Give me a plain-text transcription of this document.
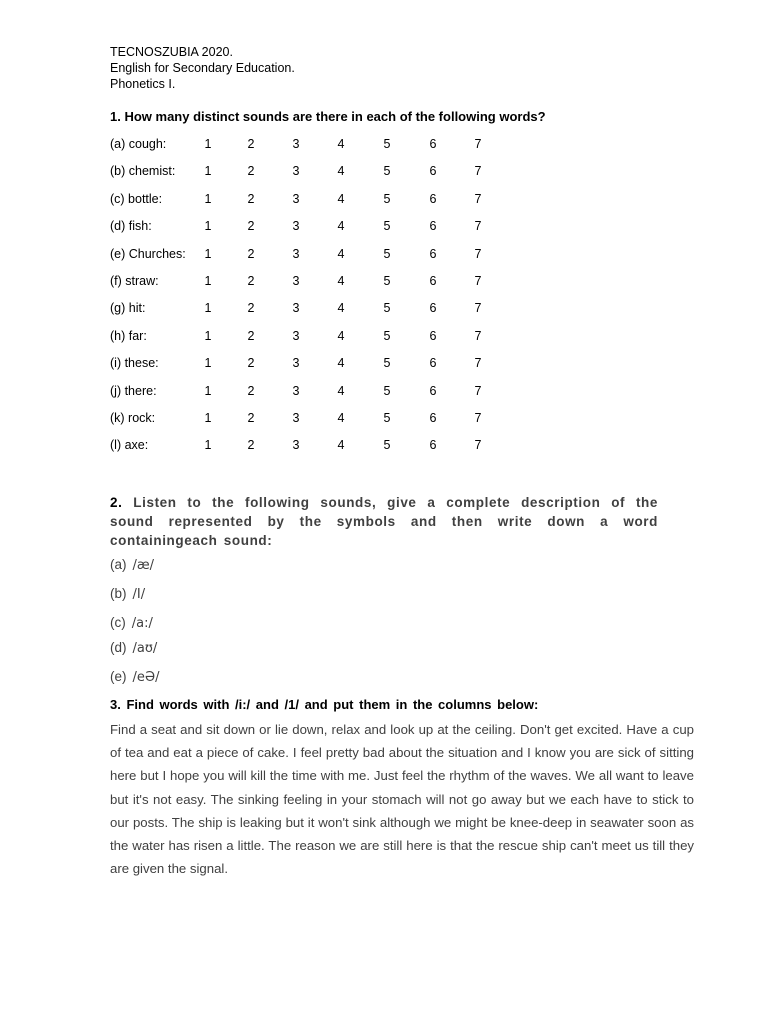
TECNOSZUBIA 2020.
English for Secondary Education.
Phonetics I.
1. How many distinct sounds are there in each of the following words?
(a) cough:	1	2	3	4	5	6	7
(b) chemist:	1	2	3	4	5	6	7
(c) bottle:	1	2	3	4	5	6	7
(d) fish:	1	2	3	4	5	6	7
(e) Churches:	1	2	3	4	5	6	7
(f) straw:	1	2	3	4	5	6	7
(g) hit:	1	2	3	4	5	6	7
(h) far:	1	2	3	4	5	6	7
(i) these:	1	2	3	4	5	6	7
(j) there:	1	2	3	4	5	6	7
(k) rock:	1	2	3	4	5	6	7
(l) axe:	1	2	3	4	5	6	7
2. Listen to the following sounds, give a complete description of the sound represented by the symbols and then write down a word containingeach sound:
(a) /æ/
(b) /I/
(c) /a:/
(d) /aʊ/
(e) /eƏ/
3. Find words with /i:/ and /1/ and put them in the columns below:
Find a seat and sit down or lie down, relax and look up at the ceiling. Don't get excited. Have a cup of tea and eat a piece of cake. I feel pretty bad about the situation and I know you are sick of sitting here but I hope you will kill the time with me. Just feel the rhythm of the waves. We all want to leave but it's not easy. The sinking feeling in your stomach will not go away but we each have to stick to our posts. The ship is leaking but it won't sink although we might be knee-deep in seawater soon as the water has risen a little. The reason we are still here is that the rescue ship can't meet us till they are given the signal.
